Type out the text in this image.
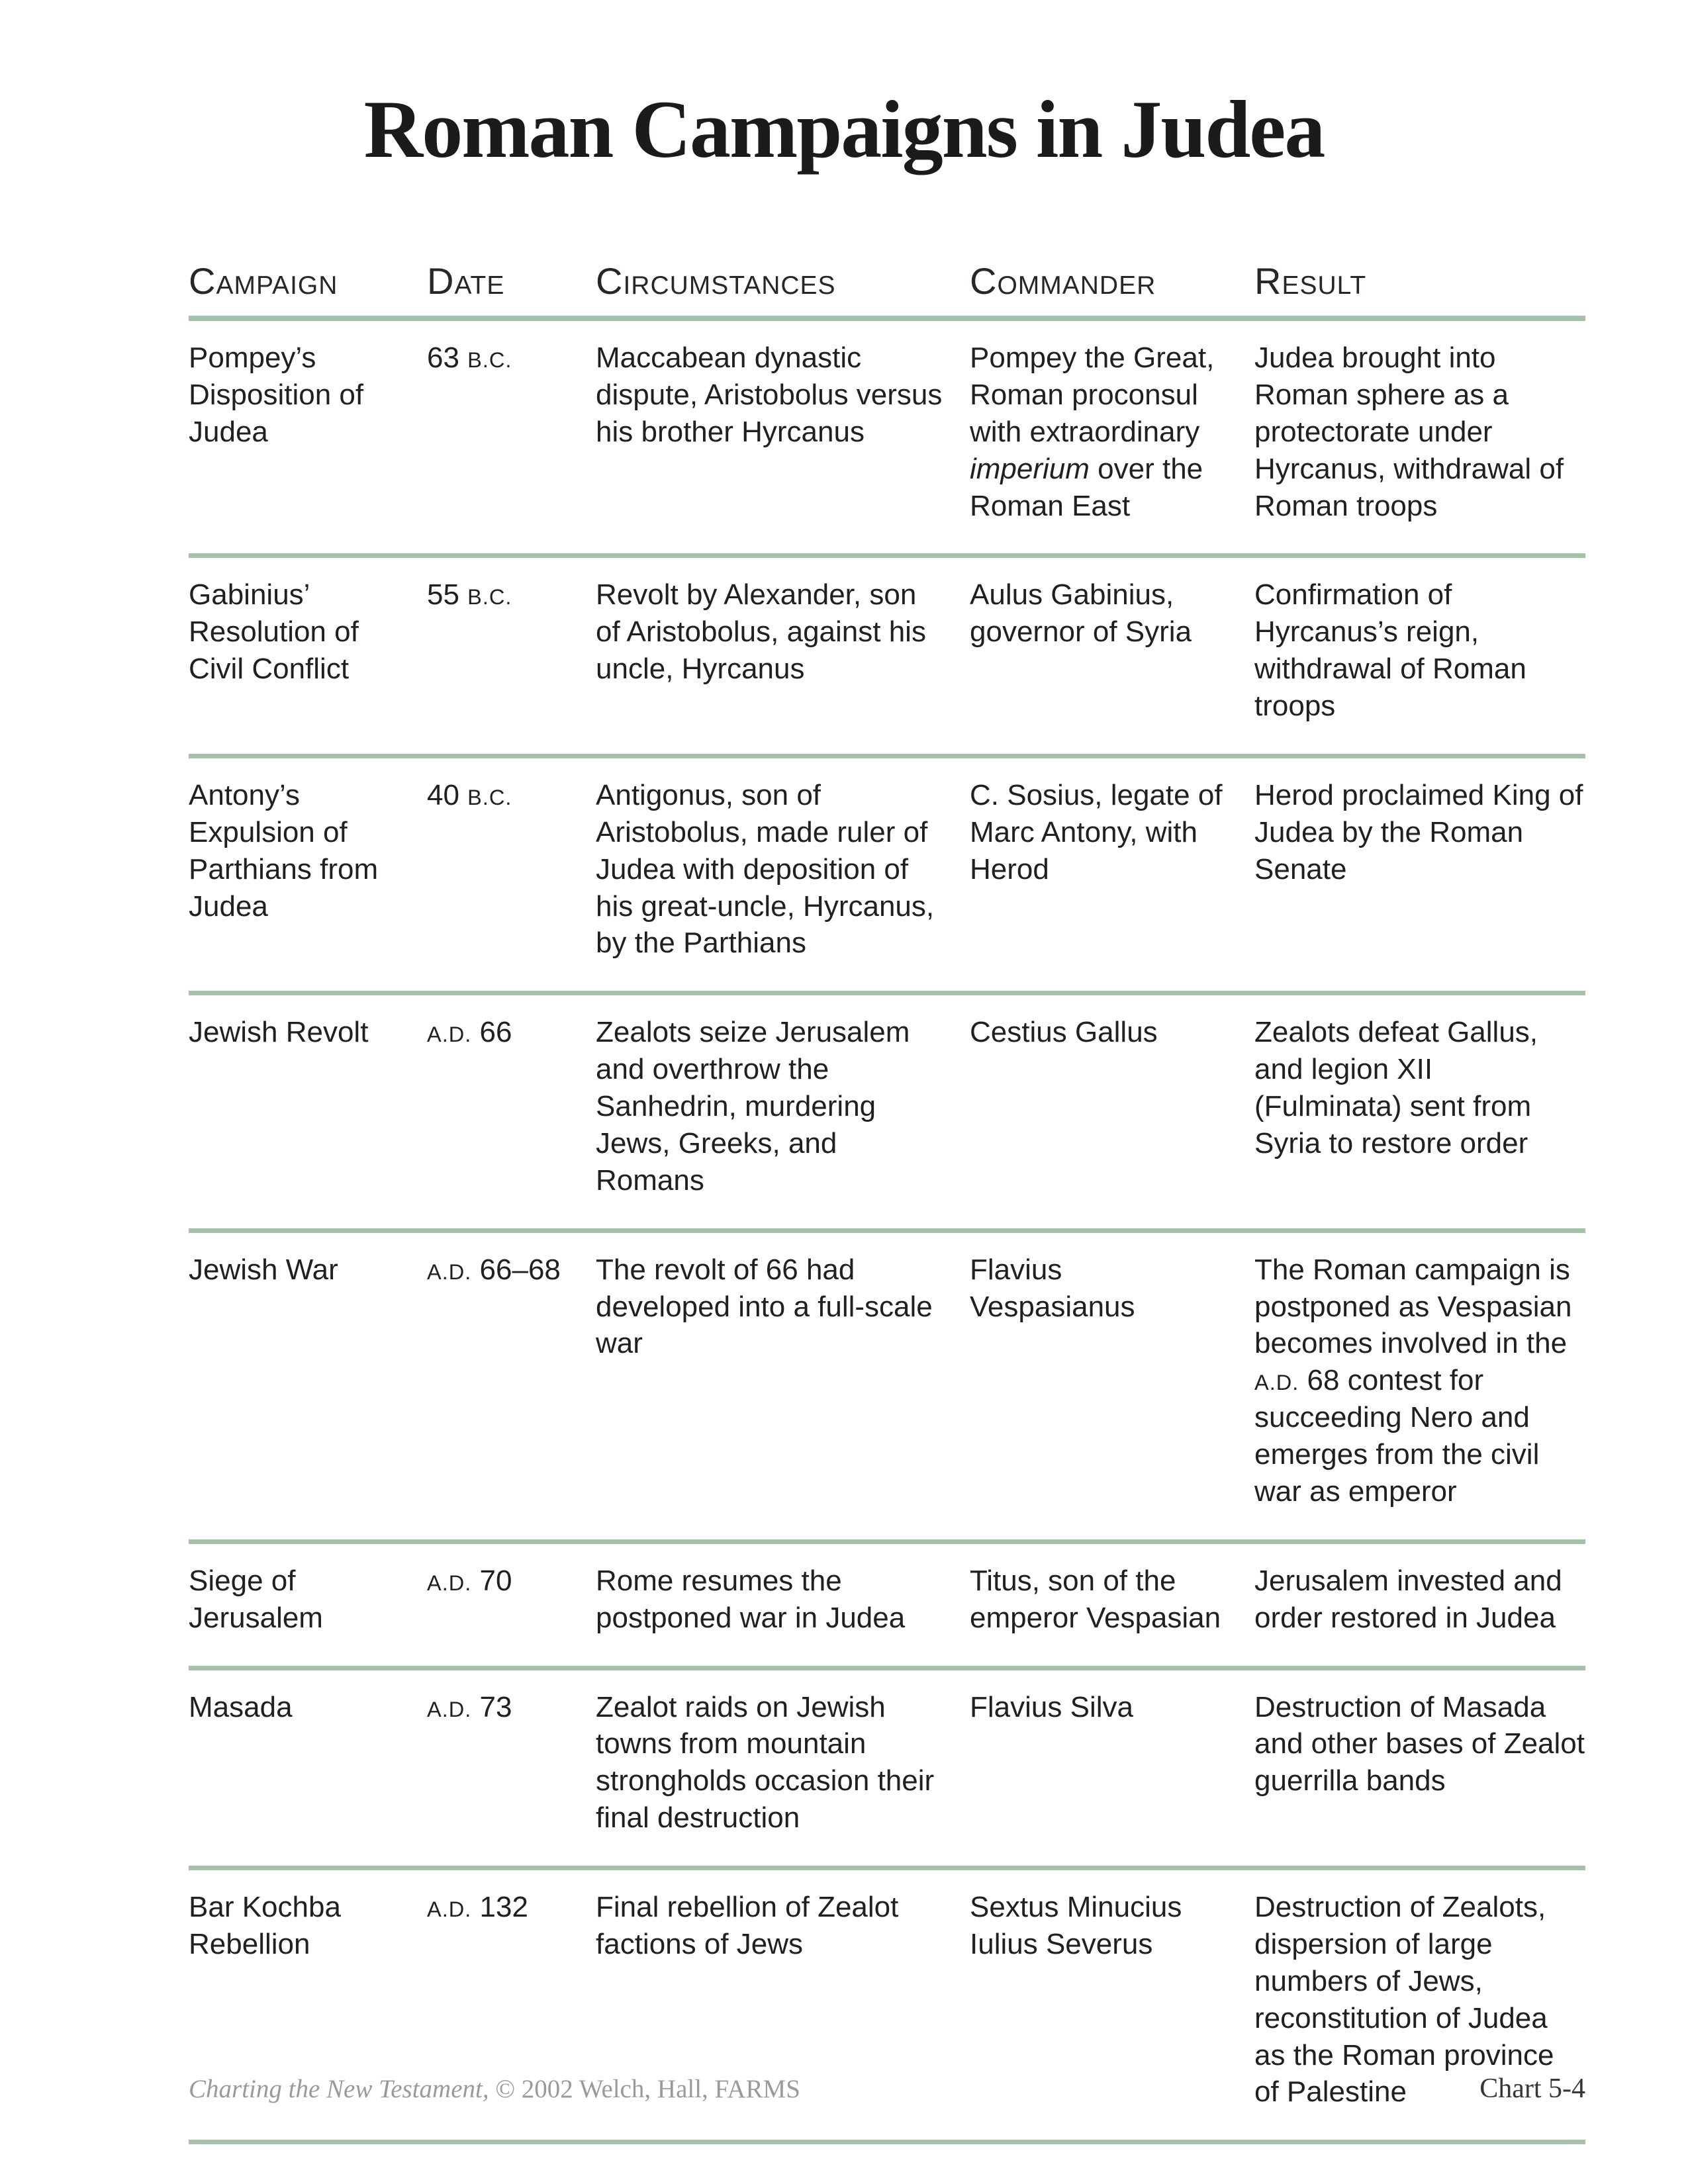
Roman Campaigns in Judea
Campaign	Date	Circumstances	Commander	Result
Pompey’s Disposition of Judea	63 B.C.	Maccabean dynastic dispute, Aristobolus versus his brother Hyrcanus	Pompey the Great, Roman proconsul with extraordinary imperium over the Roman East	Judea brought into Roman sphere as a protectorate under Hyrcanus, withdrawal of Roman troops
Gabinius’ Resolution of Civil Conflict	55 B.C.	Revolt by Alexander, son of Aristobolus, against his uncle, Hyrcanus	Aulus Gabinius, governor of Syria	Confirmation of Hyrcanus’s reign, withdrawal of Roman troops
Antony’s Expulsion of Parthians from Judea	40 B.C.	Antigonus, son of Aristobolus, made ruler of Judea with deposition of his great-uncle, Hyrcanus, by the Parthians	C. Sosius, legate of Marc Antony, with Herod	Herod proclaimed King of Judea by the Roman Senate
Jewish Revolt	A.D. 66	Zealots seize Jerusalem and overthrow the Sanhedrin, murdering Jews, Greeks, and Romans	Cestius Gallus	Zealots defeat Gallus, and legion XII (Fulminata) sent from Syria to restore order
Jewish War	A.D. 66–68	The revolt of 66 had developed into a full-scale war	Flavius Vespasianus	The Roman campaign is postponed as Vespasian becomes involved in the A.D. 68 contest for succeeding Nero and emerges from the civil war as emperor
Siege of Jerusalem	A.D. 70	Rome resumes the postponed war in Judea	Titus, son of the emperor Vespasian	Jerusalem invested and order restored in Judea
Masada	A.D. 73	Zealot raids on Jewish towns from mountain strongholds occasion their final destruction	Flavius Silva	Destruction of Masada and other bases of Zealot guerrilla bands
Bar Kochba Rebellion	A.D. 132	Final rebellion of Zealot factions of Jews	Sextus Minucius Iulius Severus	Destruction of Zealots, dispersion of large numbers of Jews, reconstitution of Judea as the Roman province of Palestine
Charting the New Testament, © 2002 Welch, Hall, FARMS	Chart 5-4
